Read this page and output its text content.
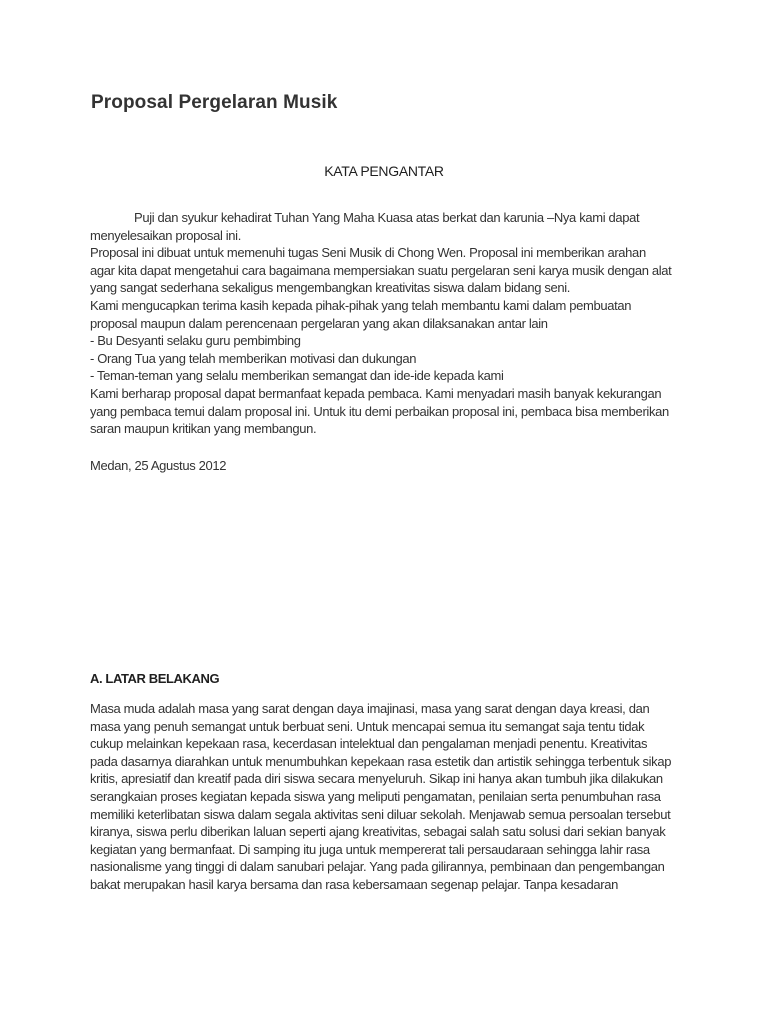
Proposal Pergelaran Musik
KATA PENGANTAR
Puji dan syukur kehadirat Tuhan Yang Maha Kuasa atas berkat dan karunia –Nya kami dapat
menyelesaikan proposal ini.
Proposal ini dibuat untuk memenuhi tugas Seni Musik di Chong Wen. Proposal ini memberikan arahan
agar kita dapat mengetahui cara bagaimana mempersiakan suatu pergelaran seni karya musik dengan alat
yang sangat sederhana sekaligus mengembangkan kreativitas siswa dalam bidang seni.
Kami mengucapkan terima kasih kepada pihak-pihak yang telah membantu kami dalam pembuatan
proposal maupun dalam perencenaan pergelaran yang akan dilaksanakan antar lain
- Bu Desyanti selaku guru pembimbing
- Orang Tua yang telah memberikan motivasi dan dukungan
- Teman-teman yang selalu memberikan semangat dan ide-ide kepada kami
Kami berharap proposal dapat bermanfaat kepada pembaca. Kami menyadari masih banyak kekurangan
yang pembaca temui dalam proposal ini. Untuk itu demi perbaikan proposal ini, pembaca bisa memberikan
saran maupun kritikan yang membangun.
Medan, 25 Agustus 2012
A. LATAR BELAKANG
Masa muda adalah masa yang sarat dengan daya imajinasi, masa yang sarat dengan daya kreasi, dan
masa yang penuh semangat untuk berbuat seni. Untuk mencapai semua itu semangat saja tentu tidak
cukup melainkan kepekaan rasa, kecerdasan intelektual dan pengalaman menjadi penentu. Kreativitas
pada dasarnya diarahkan untuk menumbuhkan kepekaan rasa estetik dan artistik sehingga terbentuk sikap
kritis, apresiatif dan kreatif pada diri siswa secara menyeluruh. Sikap ini hanya akan tumbuh jika dilakukan
serangkaian proses kegiatan kepada siswa yang meliputi pengamatan, penilaian serta penumbuhan rasa
memiliki keterlibatan siswa dalam segala aktivitas seni diluar sekolah. Menjawab semua persoalan tersebut
kiranya, siswa perlu diberikan laluan seperti ajang kreativitas, sebagai salah satu solusi dari sekian banyak
kegiatan yang bermanfaat. Di samping itu juga untuk mempererat tali persaudaraan sehingga lahir rasa
nasionalisme yang tinggi di dalam sanubari pelajar. Yang pada gilirannya, pembinaan dan pengembangan
bakat merupakan hasil karya bersama dan rasa kebersamaan segenap pelajar. Tanpa kesadaran
